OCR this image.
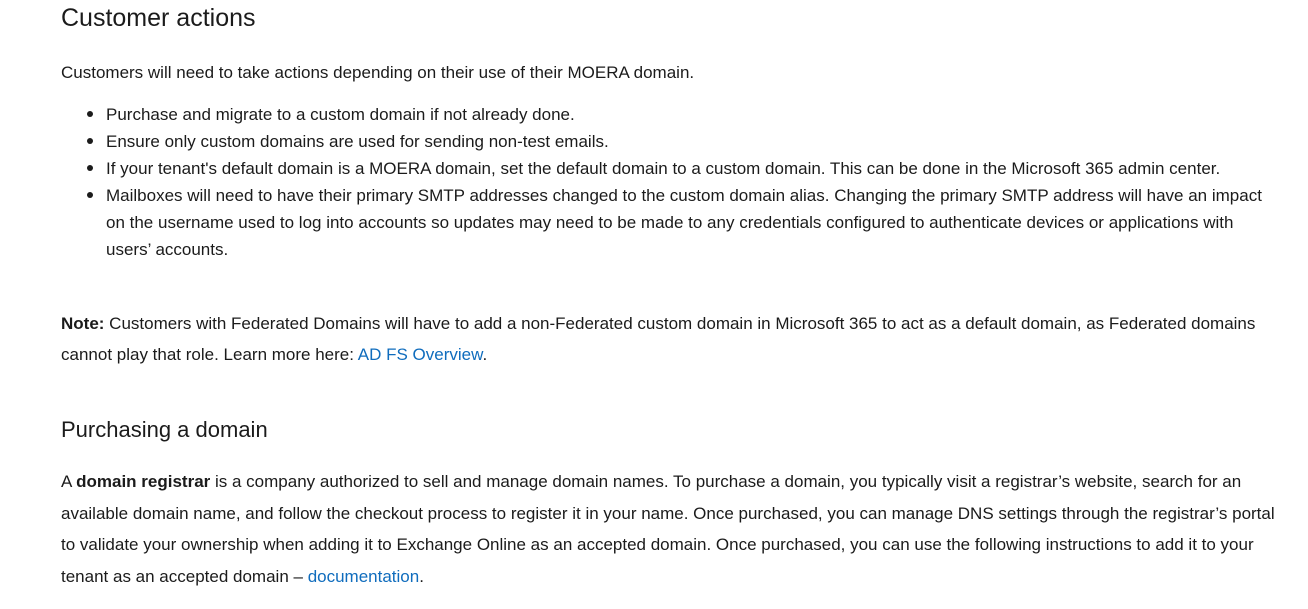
Customer actions

Customers will need to take actions depending on their use of their MOERA domain.

Purchase and migrate to a custom domain if not already done.
Ensure only custom domains are used for sending non-test emails.
If your tenant's default domain is a MOERA domain, set the default domain to a custom domain. This can be done in the Microsoft 365 admin center.
Mailboxes will need to have their primary SMTP addresses changed to the custom domain alias. Changing the primary SMTP address will have an impact on the username used to log into accounts so updates may need to be made to any credentials configured to authenticate devices or applications with users’ accounts.

Note: Customers with Federated Domains will have to add a non-Federated custom domain in Microsoft 365 to act as a default domain, as Federated domains cannot play that role. Learn more here: AD FS Overview.

Purchasing a domain

A domain registrar is a company authorized to sell and manage domain names. To purchase a domain, you typically visit a registrar’s website, search for an available domain name, and follow the checkout process to register it in your name. Once purchased, you can manage DNS settings through the registrar’s portal to validate your ownership when adding it to Exchange Online as an accepted domain. Once purchased, you can use the following instructions to add it to your tenant as an accepted domain – documentation.
